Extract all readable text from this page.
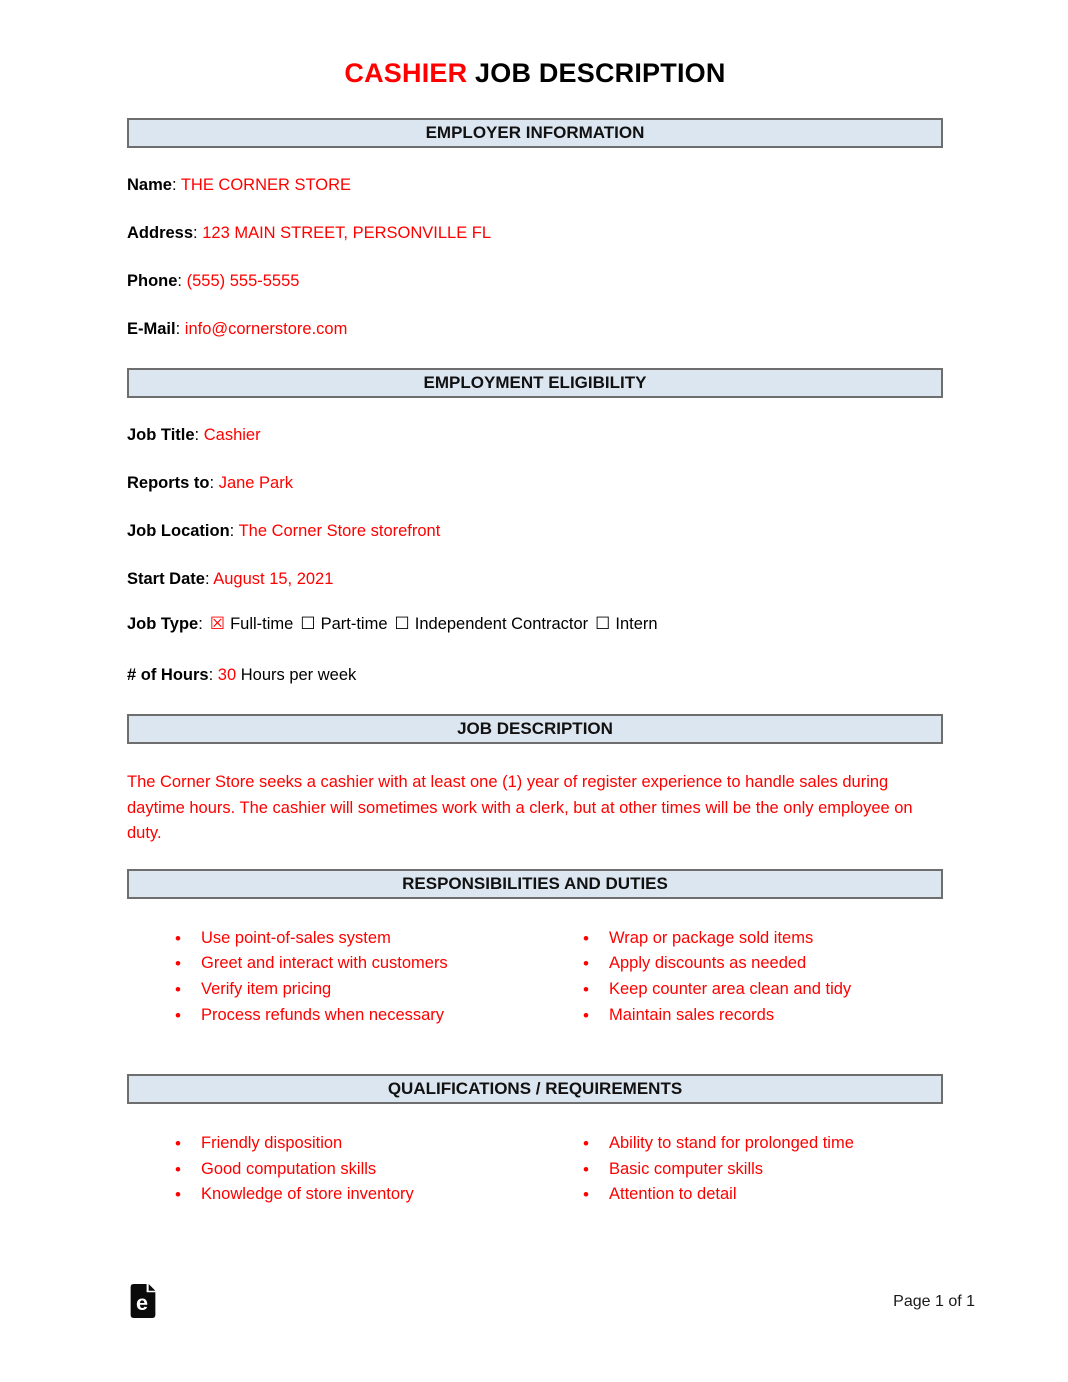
CASHIER JOB DESCRIPTION
EMPLOYER INFORMATION
Name: THE CORNER STORE
Address: 123 MAIN STREET, PERSONVILLE FL
Phone: (555) 555-5555
E-Mail: info@cornerstore.com
EMPLOYMENT ELIGIBILITY
Job Title: Cashier
Reports to: Jane Park
Job Location: The Corner Store storefront
Start Date: August 15, 2021
Job Type: ☒ Full-time ☐ Part-time ☐ Independent Contractor ☐ Intern
# of Hours: 30 Hours per week
JOB DESCRIPTION

The Corner Store seeks a cashier with at least one (1) year of register experience to handle sales during daytime hours. The cashier will sometimes work with a clerk, but at other times will be the only employee on duty.

RESPONSIBILITIES AND DUTIES
• Use point-of-sales system
• Greet and interact with customers
• Verify item pricing
• Process refunds when necessary
• Wrap or package sold items
• Apply discounts as needed
• Keep counter area clean and tidy
• Maintain sales records
QUALIFICATIONS / REQUIREMENTS
• Friendly disposition
• Good computation skills
• Knowledge of store inventory
• Ability to stand for prolonged time
• Basic computer skills
• Attention to detail
e	Page 1 of 1
